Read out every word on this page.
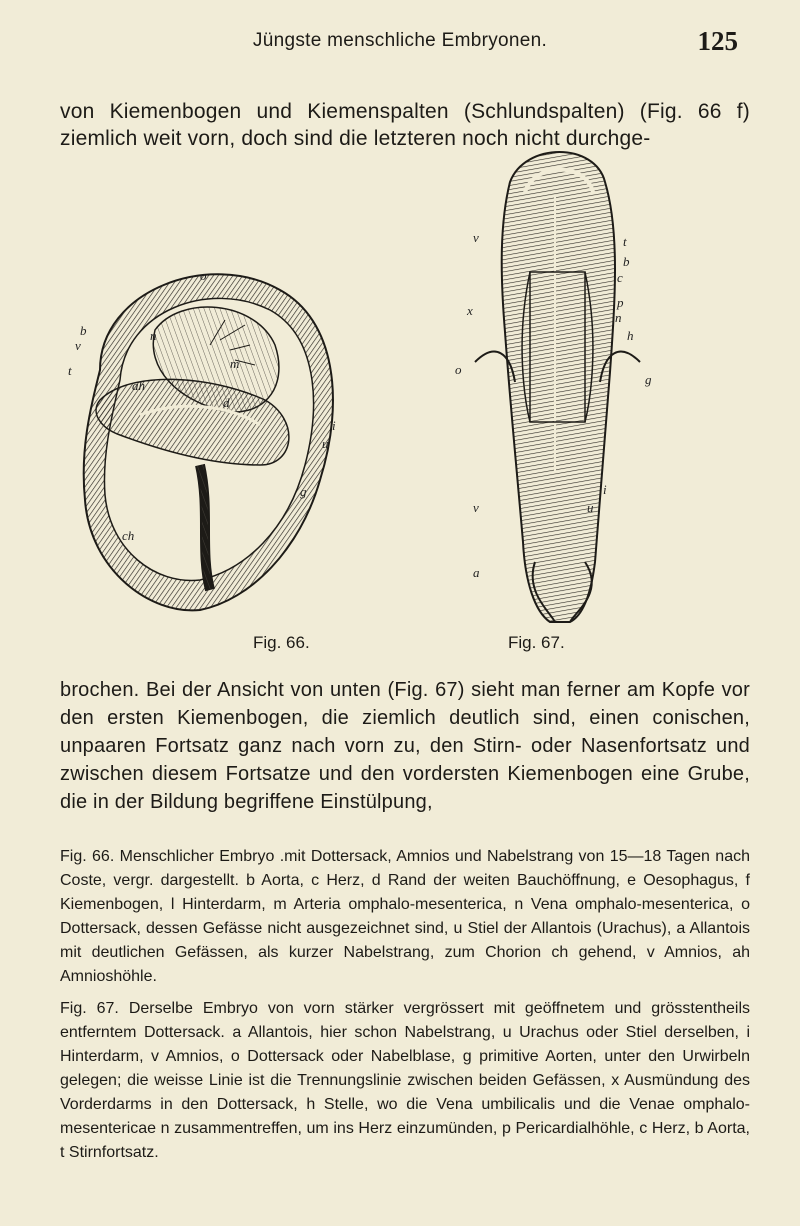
Jüngste menschliche Embryonen.	125
von Kiemenbogen und Kiemenspalten (Schlundspalten) (Fig. 66 f) ziemlich weit vorn, doch sind die letzteren noch nicht durchge-
o
b
v
t
n
m
ah
d
i
u
g
ch
v	t
b
c
p
n
h
x
o
g
i
v	u
a
Fig. 66.	Fig. 67.
brochen. Bei der Ansicht von unten (Fig. 67) sieht man ferner am Kopfe vor den ersten Kiemenbogen, die ziemlich deutlich sind, einen conischen, unpaaren Fortsatz ganz nach vorn zu, den Stirn- oder Nasenfortsatz und zwischen diesem Fortsatze und den vordersten Kiemenbogen eine Grube, die in der Bildung begriffene Einstülpung,
Fig. 66. Menschlicher Embryo .mit Dottersack, Amnios und Nabelstrang von 15—18 Tagen nach Coste, vergr. dargestellt. b Aorta, c Herz, d Rand der weiten Bauchöffnung, e Oesophagus, f Kiemenbogen, l Hinterdarm, m Arteria omphalo-mesenterica, n Vena omphalo-mesenterica, o Dottersack, dessen Gefässe nicht ausgezeichnet sind, u Stiel der Allantois (Urachus), a Allantois mit deutlichen Gefässen, als kurzer Nabelstrang, zum Chorion ch gehend, v Amnios, ah Amnioshöhle.
Fig. 67. Derselbe Embryo von vorn stärker vergrössert mit geöffnetem und grösstentheils entferntem Dottersack. a Allantois, hier schon Nabelstrang, u Urachus oder Stiel derselben, i Hinterdarm, v Amnios, o Dottersack oder Nabelblase, g primitive Aorten, unter den Urwirbeln gelegen; die weisse Linie ist die Trennungslinie zwischen beiden Gefässen, x Ausmündung des Vorderdarms in den Dottersack, h Stelle, wo die Vena umbilicalis und die Venae omphalo-mesentericae n zusammentreffen, um ins Herz einzumünden, p Pericardialhöhle, c Herz, b Aorta, t Stirnfortsatz.
